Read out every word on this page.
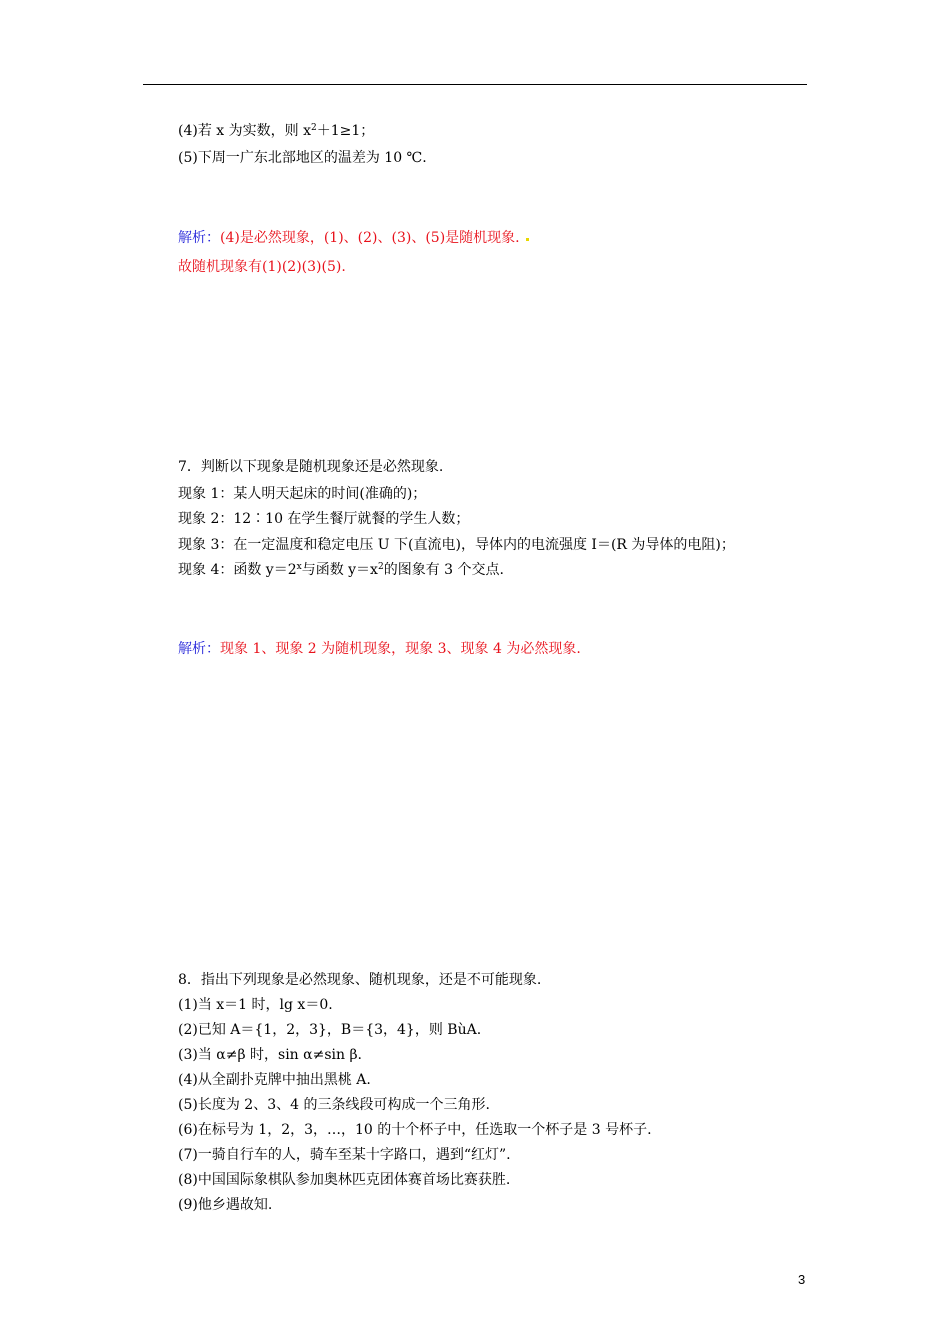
(4)若 x 为实数，则 $x^2+1\ge 1$；
(5)下周一广东北部地区的温差为 10 ℃.
解析：(4)是必然现象，(1)、(2)、(3)、(5)是随机现象.
故随机现象有(1)(2)(3)(5).
7．判断以下现象是随机现象还是必然现象.
现象 1：某人明天起床的时间(准确的)；
现象 2：12∶10 在学生餐厅就餐的学生人数；
现象 3：在一定温度和稳定电压 U 下(直流电)，导体内的电流强度 I＝(R 为导体的电阻)；
现象 4：函数 $y=2^x$与函数 $y=x^2$的图象有 3 个交点.
解析：现象 1、现象 2 为随机现象，现象 3、现象 4 为必然现象.
8．指出下列现象是必然现象、随机现象，还是不可能现象.
(1)当 x＝1 时，lg x＝0.
(2)已知 A＝{1，2，3}，B＝{3，4}，则 BùA.
(3)当 α≠β 时，sin α≠sin β.
(4)从全副扑克牌中抽出黑桃 A.
(5)长度为 2、3、4 的三条线段可构成一个三角形.
(6)在标号为 1，2，3，…，10 的十个杯子中，任选取一个杯子是 3 号杯子.
(7)一骑自行车的人，骑车至某十字路口，遇到“红灯”.
(8)中国国际象棋队参加奥林匹克团体赛首场比赛获胜.
(9)他乡遇故知.
3
